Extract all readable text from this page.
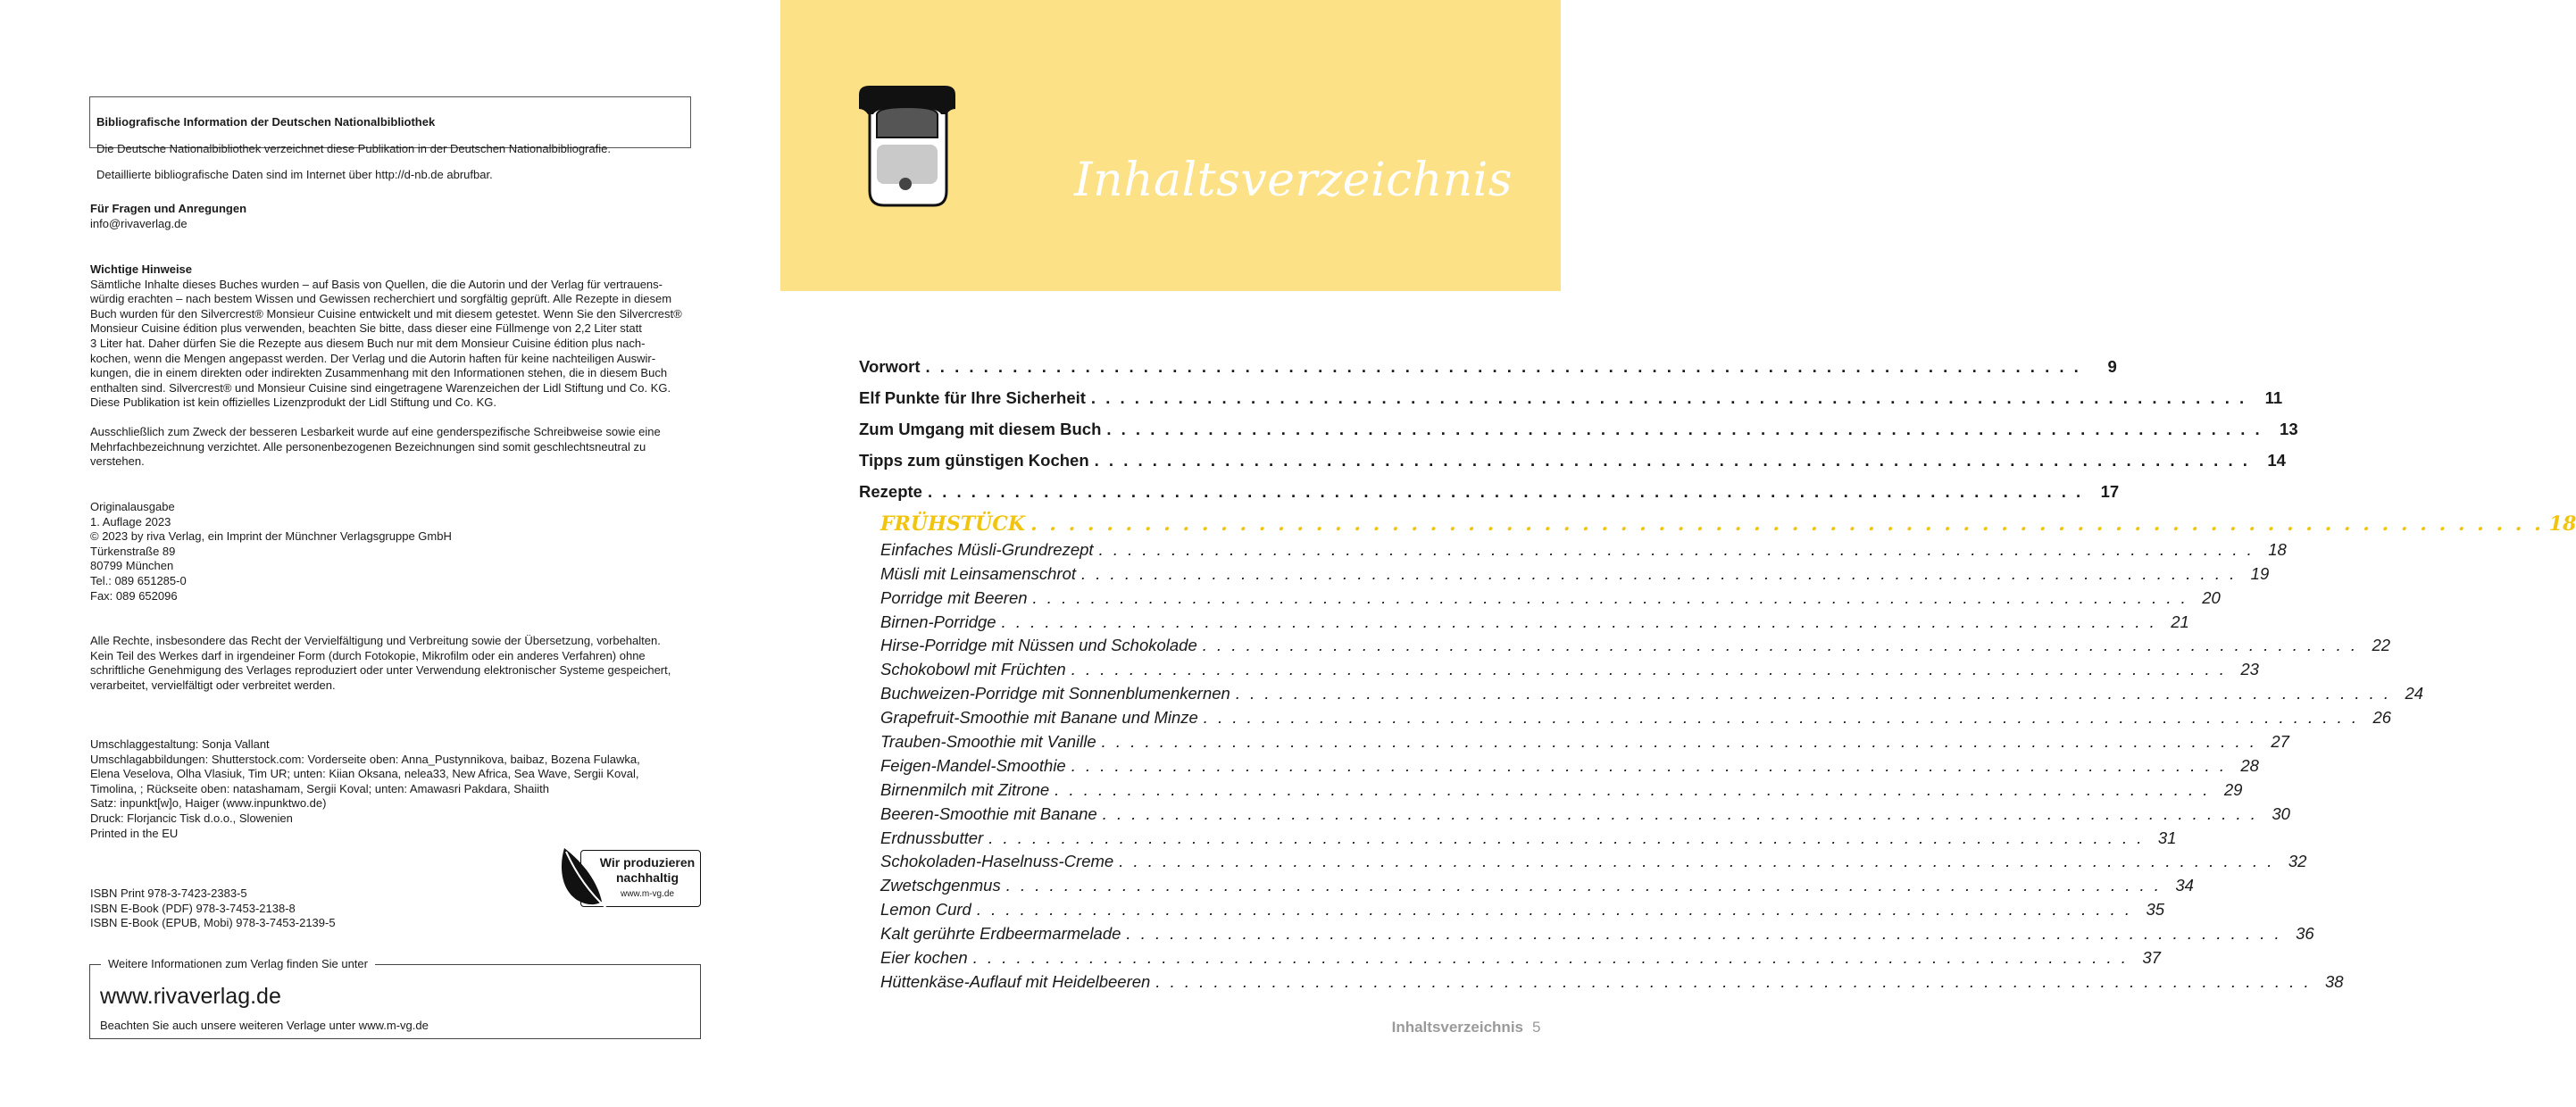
Bibliografische Information der Deutschen Nationalbibliothek

Die Deutsche Nationalbibliothek verzeichnet diese Publikation in der Deutschen Nationalbibliografie.

Detaillierte bibliografische Daten sind im Internet über http://d-nb.de abrufbar.

Für Fragen und Anregungen

info@rivaverlag.de

Wichtige Hinweise

Sämtliche Inhalte dieses Buches wurden – auf Basis von Quellen, die die Autorin und der Verlag für vertrauens-

würdig erachten – nach bestem Wissen und Gewissen recherchiert und sorgfältig geprüft. Alle Rezepte in diesem

Buch wurden für den Silvercrest® Monsieur Cuisine entwickelt und mit diesem getestet. Wenn Sie den Silvercrest®

Monsieur Cuisine édition plus verwenden, beachten Sie bitte, dass dieser eine Füllmenge von 2,2 Liter statt

3 Liter hat. Daher dürfen Sie die Rezepte aus diesem Buch nur mit dem Monsieur Cuisine édition plus nach-

kochen, wenn die Mengen angepasst werden. Der Verlag und die Autorin haften für keine nachteiligen Auswir-

kungen, die in einem direkten oder indirekten Zusammenhang mit den Informationen stehen, die in diesem Buch

enthalten sind. Silvercrest® und Monsieur Cuisine sind eingetragene Warenzeichen der Lidl Stiftung und Co. KG.

Diese Publikation ist kein offizielles Lizenzprodukt der Lidl Stiftung und Co. KG.

Ausschließlich zum Zweck der besseren Lesbarkeit wurde auf eine genderspezifische Schreibweise sowie eine

Mehrfachbezeichnung verzichtet. Alle personenbezogenen Bezeichnungen sind somit geschlechtsneutral zu

verstehen.

Originalausgabe

1. Auflage 2023

© 2023 by riva Verlag, ein Imprint der Münchner Verlagsgruppe GmbH

Türkenstraße 89

80799 München

Tel.: 089 651285-0

Fax: 089 652096

Alle Rechte, insbesondere das Recht der Vervielfältigung und Verbreitung sowie der Übersetzung, vorbehalten.

Kein Teil des Werkes darf in irgendeiner Form (durch Fotokopie, Mikrofilm oder ein anderes Verfahren) ohne

schriftliche Genehmigung des Verlages reproduziert oder unter Verwendung elektronischer Systeme gespeichert,

verarbeitet, vervielfältigt oder verbreitet werden.

Umschlaggestaltung: Sonja Vallant

Umschlagabbildungen: Shutterstock.com: Vorderseite oben: Anna_Pustynnikova, baibaz, Bozena Fulawka,

Elena Veselova, Olha Vlasiuk, Tim UR; unten: Kiian Oksana, nelea33, New Africa, Sea Wave, Sergii Koval,

Timolina, ; Rückseite oben: natashamam, Sergii Koval; unten: Amawasri Pakdara, Shaiith

Satz: inpunkt[w]o, Haiger (www.inpunktwo.de)

Druck: Florjancic Tisk d.o.o., Slowenien

Printed in the EU

Wir produzieren
nachhaltig
www.m-vg.de

ISBN Print 978-3-7423-2383-5

ISBN E-Book (PDF) 978-3-7453-2138-8

ISBN E-Book (EPUB, Mobi) 978-3-7453-2139-5

Weitere Informationen zum Verlag finden Sie unter
www.rivaverlag.de
Beachten Sie auch unsere weiteren Verlage unter www.m-vg.de
Inhaltsverzeichnis
Vorwort . . . . . . . . . . . . . . . . . . . . . . . . . . . . . . . . . . . . . . . . . . . . . . . . . . . . . . . . . . . . . . . . . . . . . . . . . . . . . . . .	9
Elf Punkte für Ihre Sicherheit . . . . . . . . . . . . . . . . . . . . . . . . . . . . . . . . . . . . . . . . . . . . . . . . . . . . . . . . . . . . . . . . . . . . . . . . . . . . . . . .	11
Zum Umgang mit diesem Buch . . . . . . . . . . . . . . . . . . . . . . . . . . . . . . . . . . . . . . . . . . . . . . . . . . . . . . . . . . . . . . . . . . . . . . . . . . . . . . . .	13
Tipps zum günstigen Kochen . . . . . . . . . . . . . . . . . . . . . . . . . . . . . . . . . . . . . . . . . . . . . . . . . . . . . . . . . . . . . . . . . . . . . . . . . . . . . . . .	14
Rezepte . . . . . . . . . . . . . . . . . . . . . . . . . . . . . . . . . . . . . . . . . . . . . . . . . . . . . . . . . . . . . . . . . . . . . . . . . . . . . . . .	17
FRÜHSTÜCK . . . . . . . . . . . . . . . . . . . . . . . . . . . . . . . . . . . . . . . . . . . . . . . . . . . . . . . . . . . . . . . . . . . . . . . . . . . . . . . . 18
Einfaches Müsli-Grundrezept . . . . . . . . . . . . . . . . . . . . . . . . . . . . . . . . . . . . . . . . . . . . . . . . . . . . . . . . . . . . . . . . . . . . . . . . . . . . . . . . 18
Müsli mit Leinsamenschrot . . . . . . . . . . . . . . . . . . . . . . . . . . . . . . . . . . . . . . . . . . . . . . . . . . . . . . . . . . . . . . . . . . . . . . . . . . . . . . . . 19
Porridge mit Beeren . . . . . . . . . . . . . . . . . . . . . . . . . . . . . . . . . . . . . . . . . . . . . . . . . . . . . . . . . . . . . . . . . . . . . . . . . . . . . . . . 20
Birnen-Porridge . . . . . . . . . . . . . . . . . . . . . . . . . . . . . . . . . . . . . . . . . . . . . . . . . . . . . . . . . . . . . . . . . . . . . . . . . . . . . . . . 21
Hirse-Porridge mit Nüssen und Schokolade . . . . . . . . . . . . . . . . . . . . . . . . . . . . . . . . . . . . . . . . . . . . . . . . . . . . . . . . . . . . . . . . . . . . . . . . . . . . . . . . 22
Schokobowl mit Früchten . . . . . . . . . . . . . . . . . . . . . . . . . . . . . . . . . . . . . . . . . . . . . . . . . . . . . . . . . . . . . . . . . . . . . . . . . . . . . . . . 23
Buchweizen-Porridge mit Sonnenblumenkernen . . . . . . . . . . . . . . . . . . . . . . . . . . . . . . . . . . . . . . . . . . . . . . . . . . . . . . . . . . . . . . . . . . . . . . . . . . . . . . . . 24
Grapefruit-Smoothie mit Banane und Minze . . . . . . . . . . . . . . . . . . . . . . . . . . . . . . . . . . . . . . . . . . . . . . . . . . . . . . . . . . . . . . . . . . . . . . . . . . . . . . . . 26
Trauben-Smoothie mit Vanille . . . . . . . . . . . . . . . . . . . . . . . . . . . . . . . . . . . . . . . . . . . . . . . . . . . . . . . . . . . . . . . . . . . . . . . . . . . . . . . . 27
Feigen-Mandel-Smoothie . . . . . . . . . . . . . . . . . . . . . . . . . . . . . . . . . . . . . . . . . . . . . . . . . . . . . . . . . . . . . . . . . . . . . . . . . . . . . . . . 28
Birnenmilch mit Zitrone . . . . . . . . . . . . . . . . . . . . . . . . . . . . . . . . . . . . . . . . . . . . . . . . . . . . . . . . . . . . . . . . . . . . . . . . . . . . . . . . 29
Beeren-Smoothie mit Banane . . . . . . . . . . . . . . . . . . . . . . . . . . . . . . . . . . . . . . . . . . . . . . . . . . . . . . . . . . . . . . . . . . . . . . . . . . . . . . . . 30
Erdnussbutter . . . . . . . . . . . . . . . . . . . . . . . . . . . . . . . . . . . . . . . . . . . . . . . . . . . . . . . . . . . . . . . . . . . . . . . . . . . . . . . . 31
Schokoladen-Haselnuss-Creme . . . . . . . . . . . . . . . . . . . . . . . . . . . . . . . . . . . . . . . . . . . . . . . . . . . . . . . . . . . . . . . . . . . . . . . . . . . . . . . . 32
Zwetschgenmus . . . . . . . . . . . . . . . . . . . . . . . . . . . . . . . . . . . . . . . . . . . . . . . . . . . . . . . . . . . . . . . . . . . . . . . . . . . . . . . . 34
Lemon Curd . . . . . . . . . . . . . . . . . . . . . . . . . . . . . . . . . . . . . . . . . . . . . . . . . . . . . . . . . . . . . . . . . . . . . . . . . . . . . . . . 35
Kalt gerührte Erdbeermarmelade . . . . . . . . . . . . . . . . . . . . . . . . . . . . . . . . . . . . . . . . . . . . . . . . . . . . . . . . . . . . . . . . . . . . . . . . . . . . . . . . 36
Eier kochen . . . . . . . . . . . . . . . . . . . . . . . . . . . . . . . . . . . . . . . . . . . . . . . . . . . . . . . . . . . . . . . . . . . . . . . . . . . . . . . . 37
Hüttenkäse-Auflauf mit Heidelbeeren . . . . . . . . . . . . . . . . . . . . . . . . . . . . . . . . . . . . . . . . . . . . . . . . . . . . . . . . . . . . . . . . . . . . . . . . . . . . . . . . 38
Inhaltsverzeichnis 5
